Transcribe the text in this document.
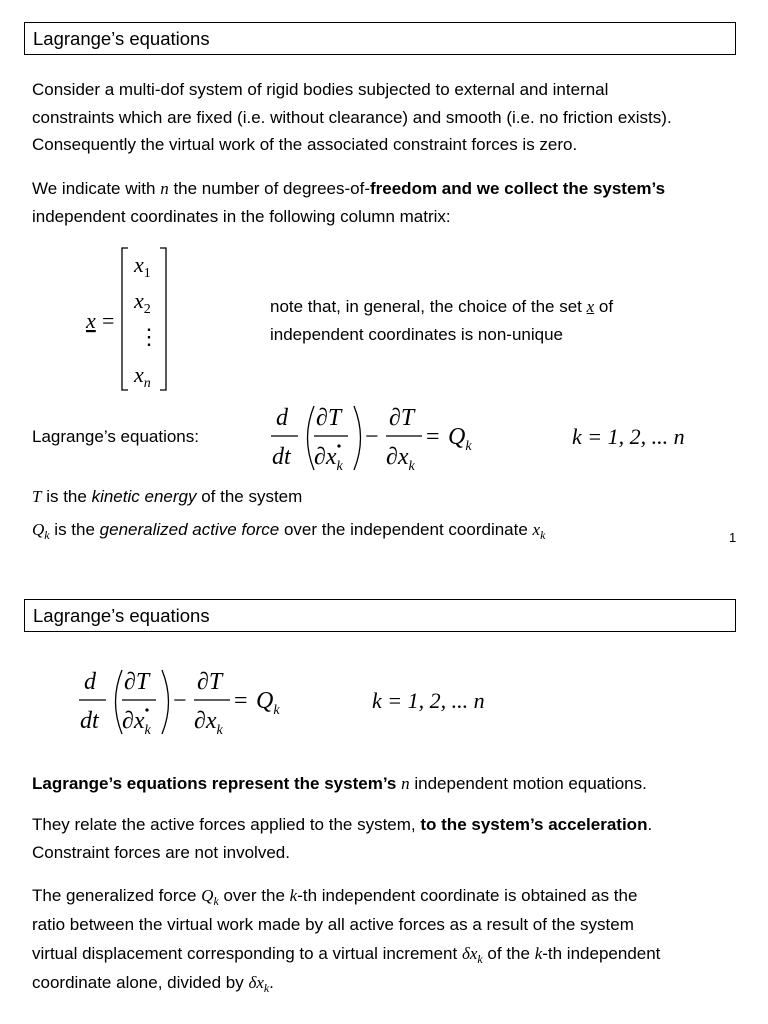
Lagrange’s equations
Consider a multi-dof system of rigid bodies subjected to external and internal
constraints which are fixed (i.e. without clearance) and smooth (i.e. no friction exists).
Consequently the virtual work of the associated constraint forces is zero.
We indicate with n the number of degrees-of-freedom and we collect the system’s
independent coordinates in the following column matrix:
x =
$x_1$
$x_2$
⋮
$x_n$
note that, in general, the choice of the set x of
independent coordinates is non-unique
Lagrange’s equations:
d
dt
∂T
$\partial x_k$
−
∂T
$\partial x_k$
= $Q_k$	k = 1, 2, ... n
T is the kinetic energy of the system
$Q_k$ is the generalized active force over the independent coordinate $x_k$	1
Lagrange’s equations
d
dt
∂T
$\partial x_k$
−
∂T
$\partial x_k$
= $Q_k$	k = 1, 2, ... n
Lagrange’s equations represent the system’s n independent motion equations.
They relate the active forces applied to the system, to the system’s acceleration.
Constraint forces are not involved.
The generalized force $Q_k$ over the k-th independent coordinate is obtained as the
ratio between the virtual work made by all active forces as a result of the system
virtual displacement corresponding to a virtual increment $\delta x_k$ of the k-th independent
coordinate alone, divided by $\delta x_k$.
